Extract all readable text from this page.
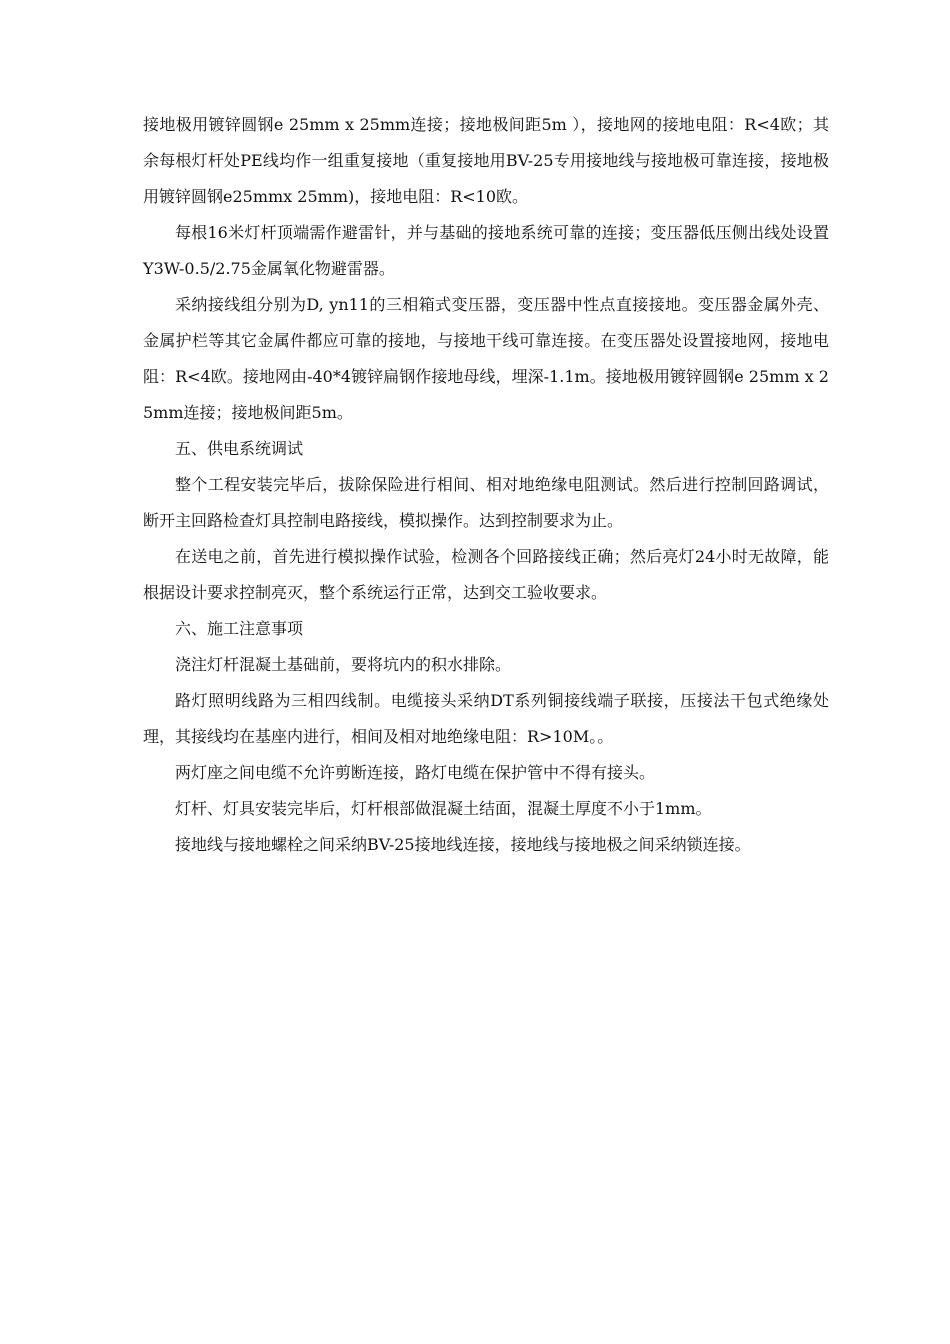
接地极用镀锌圆钢e 25mm x 25mm连接；接地极间距5m ），接地网的接地电阻：R<4欧；其余每根灯杆处PE线均作一组重复接地（重复接地用BV-25专用接地线与接地极可靠连接，接地极用镀锌圆钢e25mmx 25mm)，接地电阻：R<10欧。

每根16米灯杆顶端需作避雷针，并与基础的接地系统可靠的连接；变压器低压侧出线处设置Y3W-0.5/2.75金属氧化物避雷器。

采纳接线组分别为D, yn11的三相箱式变压器，变压器中性点直接接地。变压器金属外壳、金属护栏等其它金属件都应可靠的接地，与接地干线可靠连接。在变压器处设置接地网，接地电阻：R<4欧。接地网由-40*4镀锌扁钢作接地母线，埋深-1.1m。接地极用镀锌圆钢e 25mm x 25mm连接；接地极间距5m。

五、供电系统调试

整个工程安装完毕后，拔除保险进行相间、相对地绝缘电阻测试。然后进行控制回路调试，断开主回路检查灯具控制电路接线，模拟操作。达到控制要求为止。

在送电之前，首先进行模拟操作试验，检测各个回路接线正确；然后亮灯24小时无故障，能根据设计要求控制亮灭，整个系统运行正常，达到交工验收要求。

六、施工注意事项

浇注灯杆混凝土基础前，要将坑内的积水排除。

路灯照明线路为三相四线制。电缆接头采纳DT系列铜接线端子联接，压接法干包式绝缘处理，其接线均在基座内进行，相间及相对地绝缘电阻：R>10M。。

两灯座之间电缆不允许剪断连接，路灯电缆在保护管中不得有接头。

灯杆、灯具安装完毕后，灯杆根部做混凝土结面，混凝土厚度不小于1mm。

接地线与接地螺栓之间采纳BV-25接地线连接，接地线与接地极之间采纳锁连接。
